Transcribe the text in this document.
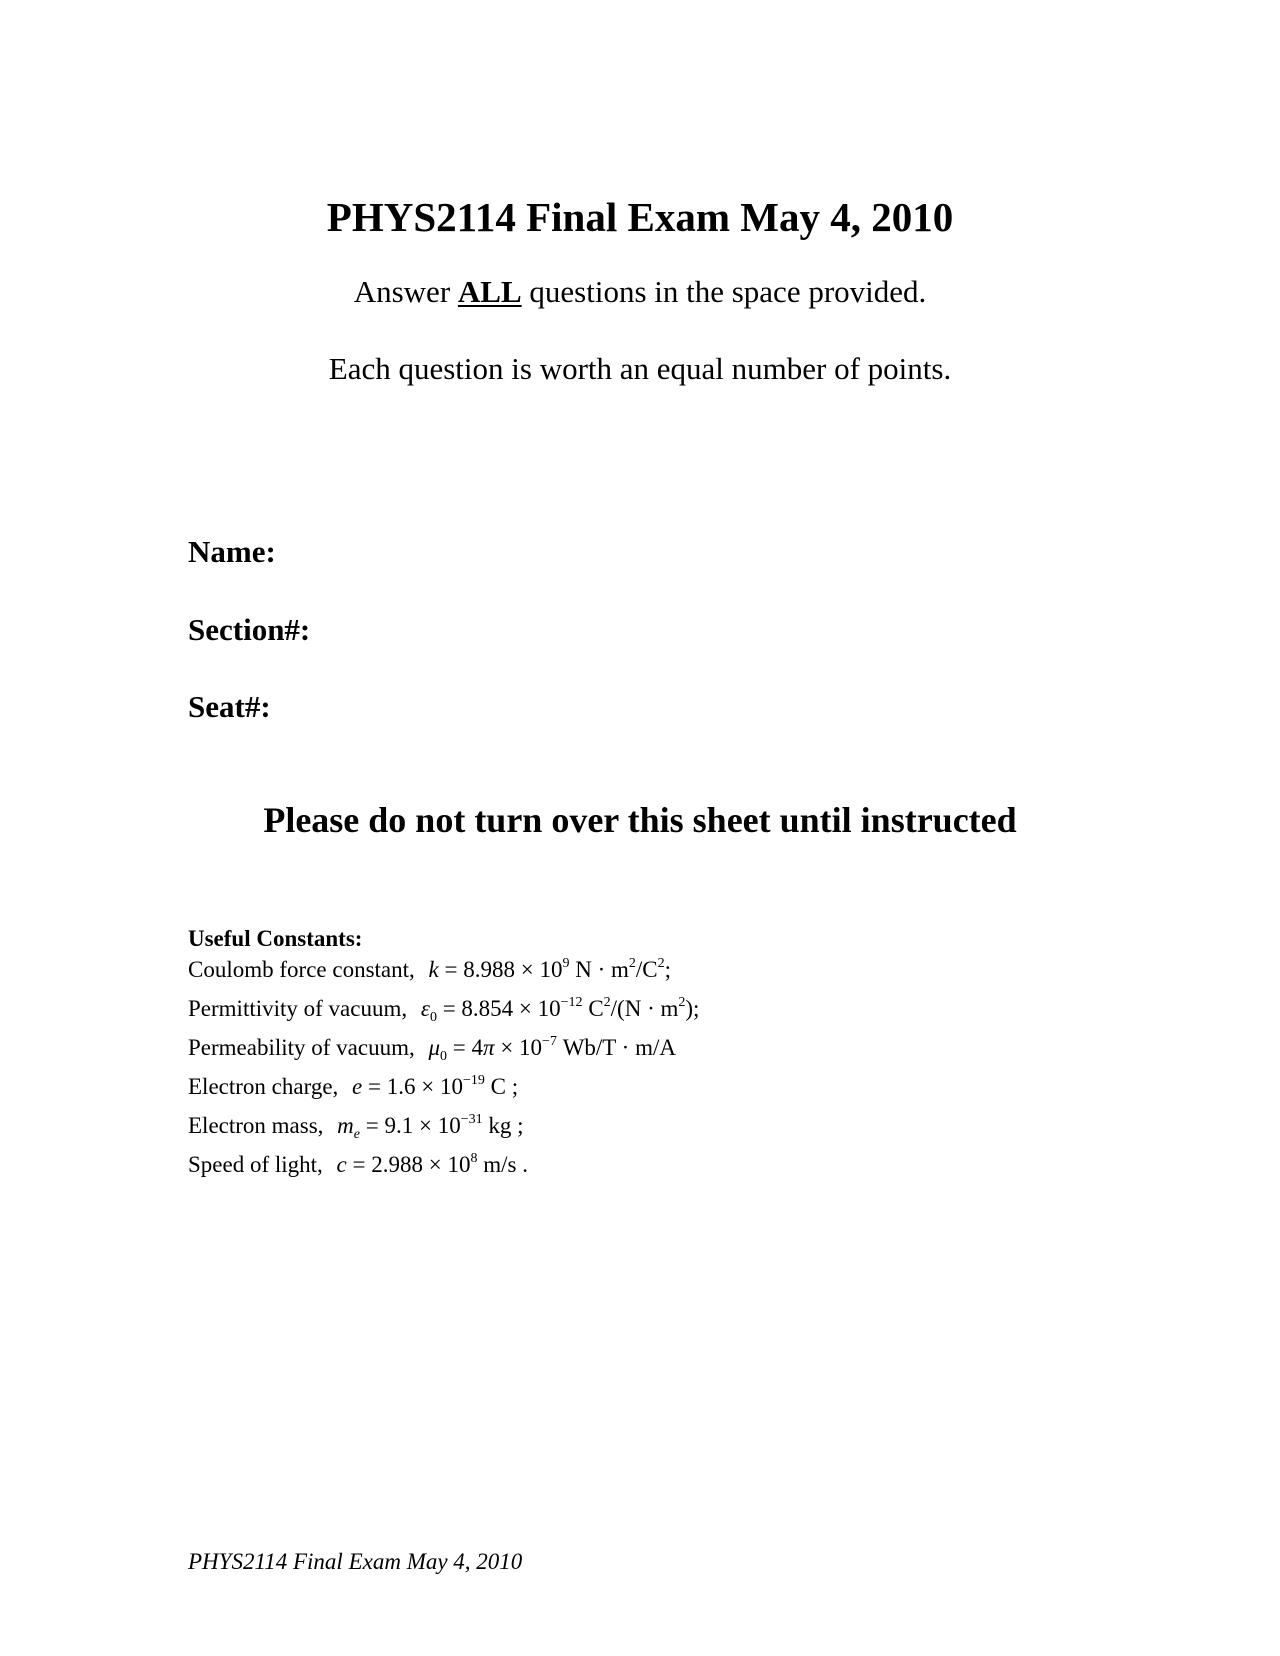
PHYS2114 Final Exam May 4, 2010
Answer ALL questions in the space provided.
Each question is worth an equal number of points.
Name:
Section#:
Seat#:
Please do not turn over this sheet until instructed
Useful Constants:
Coulomb force constant, $k = 8.988 \times 10^9$ $N \cdot m^2/C^2$;
Permittivity of vacuum, $\varepsilon_0 = 8.854 \times 10^{-12}$ $C^2/(N \cdot m^2)$;
Permeability of vacuum, $\mu_0 = 4\pi \times 10^{-7}$ Wb/T · m/A
Electron charge, $e = 1.6 \times 10^{-19}$ C ;
Electron mass, $m_e = 9.1 \times 10^{-31}$ kg ;
Speed of light, $c = 2.988 \times 10^8$ m/s .
PHYS2114 Final Exam May 4, 2010
